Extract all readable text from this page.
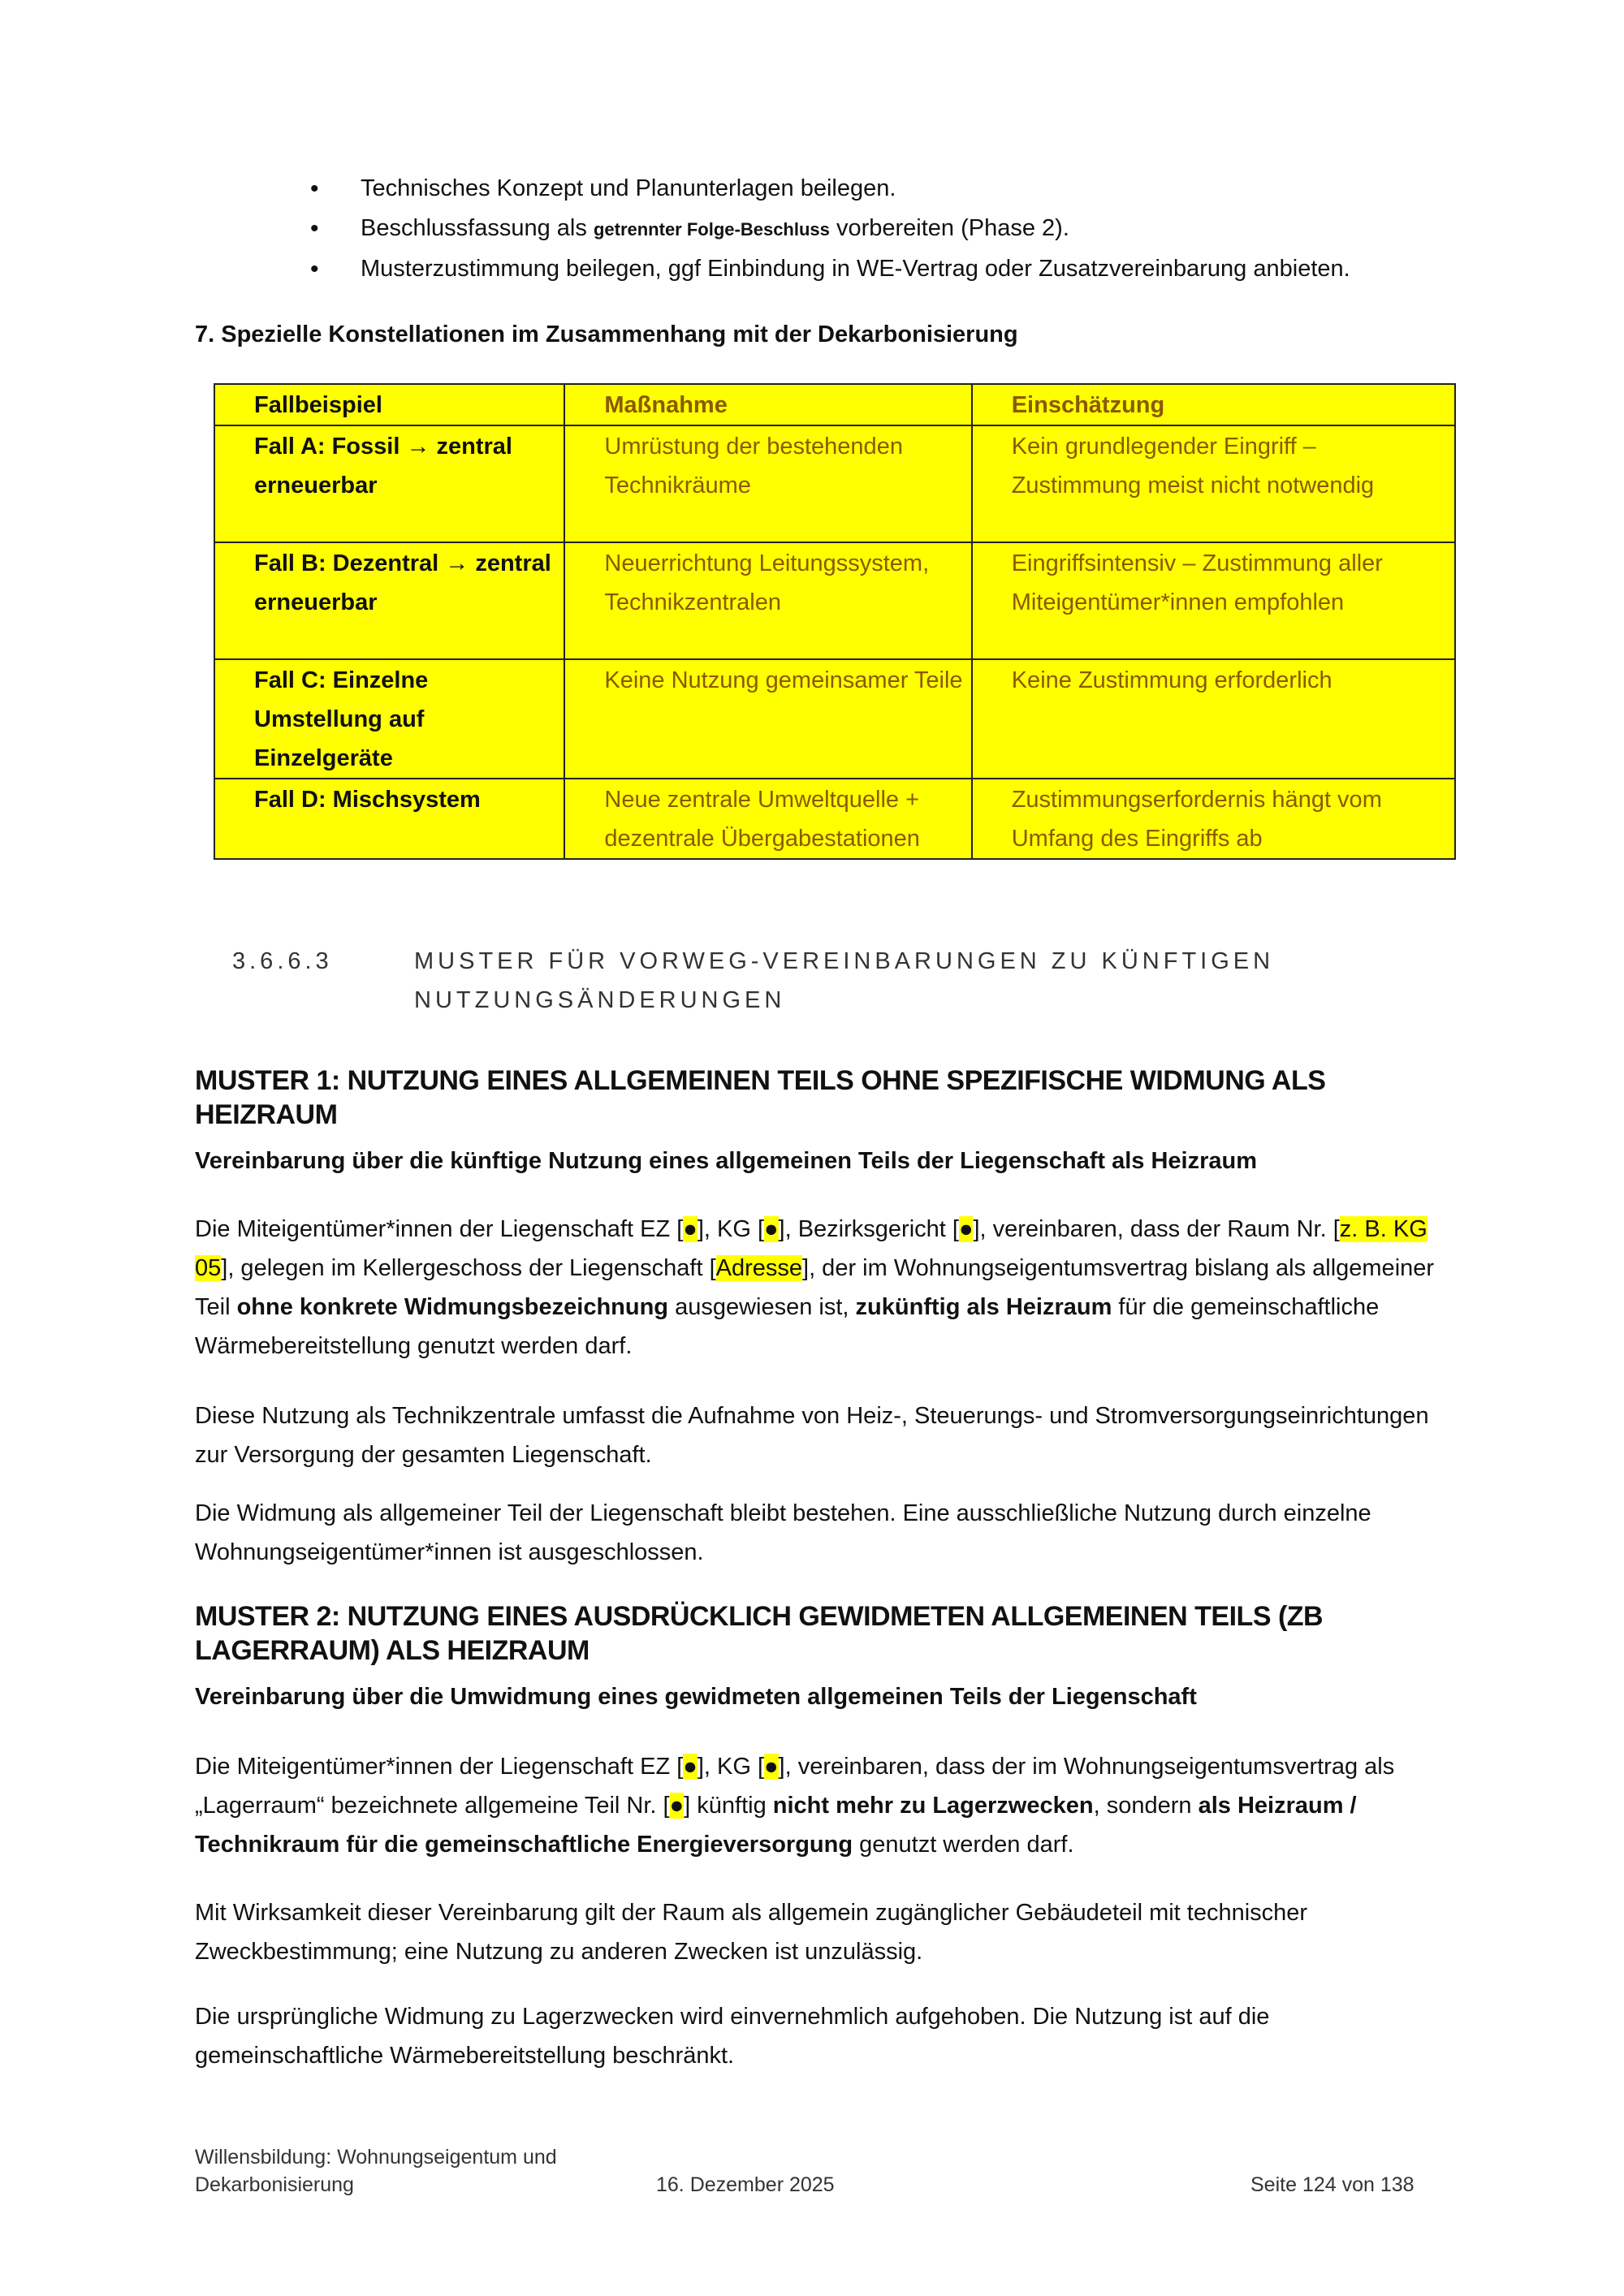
• Technisches Konzept und Planunterlagen beilegen.
• Beschlussfassung als getrennter Folge-Beschluss vorbereiten (Phase 2).
• Musterzustimmung beilegen, ggf Einbindung in WE-Vertrag oder Zusatzvereinbarung anbieten.
7. Spezielle Konstellationen im Zusammenhang mit der Dekarbonisierung
Fallbeispiel	Maßnahme	Einschätzung
Fall A: Fossil → zentral erneuerbar	Umrüstung der bestehenden Technikräume	Kein grundlegender Eingriff – Zustimmung meist nicht notwendig
Fall B: Dezentral → zentral erneuerbar	Neuerrichtung Leitungssystem, Technikzentralen	Eingriffsintensiv – Zustimmung aller Miteigentümer*innen empfohlen
Fall C: Einzelne Umstellung auf Einzelgeräte	Keine Nutzung gemeinsamer Teile	Keine Zustimmung erforderlich
Fall D: Mischsystem	Neue zentrale Umweltquelle + dezentrale Übergabestationen	Zustimmungserfordernis hängt vom Umfang des Eingriffs ab
3.6.6.3	MUSTER FÜR VORWEG-VEREINBARUNGEN ZU KÜNFTIGEN NUTZUNGSÄNDERUNGEN
MUSTER 1: NUTZUNG EINES ALLGEMEINEN TEILS OHNE SPEZIFISCHE WIDMUNG ALS HEIZRAUM

Vereinbarung über die künftige Nutzung eines allgemeinen Teils der Liegenschaft als Heizraum

Die Miteigentümer*innen der Liegenschaft EZ [●], KG [●], Bezirksgericht [●], vereinbaren, dass der Raum Nr. [z. B. KG 05], gelegen im Kellergeschoss der Liegenschaft [Adresse], der im Wohnungseigentumsvertrag bislang als allgemeiner Teil ohne konkrete Widmungsbezeichnung ausgewiesen ist, zukünftig als Heizraum für die gemeinschaftliche Wärmebereitstellung genutzt werden darf.

Diese Nutzung als Technikzentrale umfasst die Aufnahme von Heiz-, Steuerungs- und Stromversorgungseinrichtungen zur Versorgung der gesamten Liegenschaft.

Die Widmung als allgemeiner Teil der Liegenschaft bleibt bestehen. Eine ausschließliche Nutzung durch einzelne Wohnungseigentümer*innen ist ausgeschlossen.

MUSTER 2: NUTZUNG EINES AUSDRÜCKLICH GEWIDMETEN ALLGEMEINEN TEILS (ZB LAGERRAUM) ALS HEIZRAUM

Vereinbarung über die Umwidmung eines gewidmeten allgemeinen Teils der Liegenschaft

Die Miteigentümer*innen der Liegenschaft EZ [●], KG [●], vereinbaren, dass der im Wohnungseigentumsvertrag als „Lagerraum“ bezeichnete allgemeine Teil Nr. [●] künftig nicht mehr zu Lagerzwecken, sondern als Heizraum / Technikraum für die gemeinschaftliche Energieversorgung genutzt werden darf.

Mit Wirksamkeit dieser Vereinbarung gilt der Raum als allgemein zugänglicher Gebäudeteil mit technischer Zweckbestimmung; eine Nutzung zu anderen Zwecken ist unzulässig.

Die ursprüngliche Widmung zu Lagerzwecken wird einvernehmlich aufgehoben. Die Nutzung ist auf die gemeinschaftliche Wärmebereitstellung beschränkt.

Willensbildung: Wohnungseigentum und
Dekarbonisierung	16. Dezember 2025	Seite 124 von 138
